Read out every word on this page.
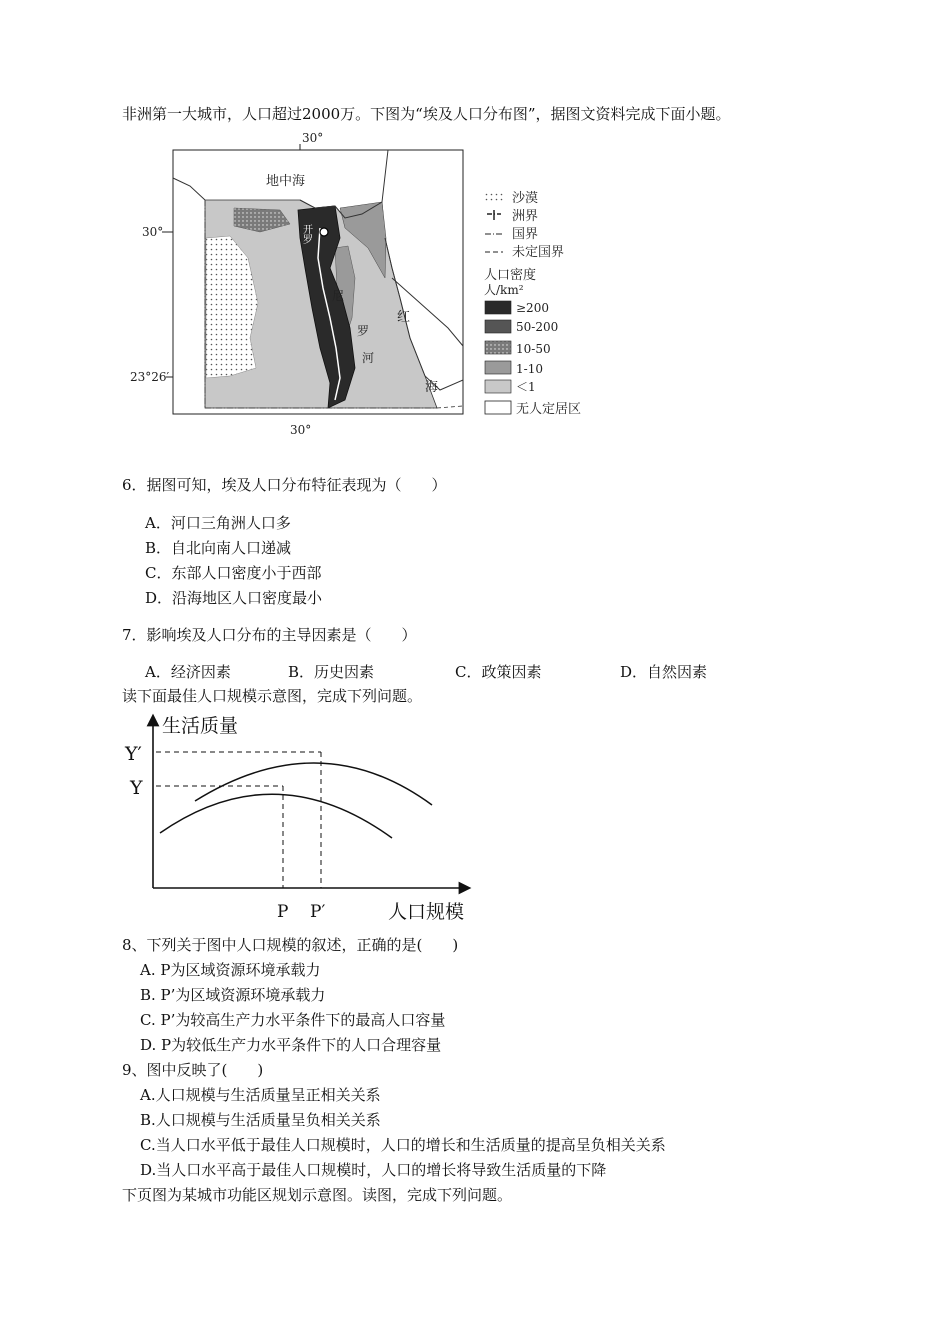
非洲第一大城市，人口超过2000万。下图为“埃及人口分布图”，据图文资料完成下面小题。
30°
30°
30°
23°26′
地中海
开罗
尼
罗
河
红
海
沙漠
洲界
国界
未定国界
人口密度
人/km²
≥200
50-200
10-50
1-10
＜1
无人定居区
6．据图可知，埃及人口分布特征表现为（　　）
A．河口三角洲人口多
B．自北向南人口递减
C．东部人口密度小于西部
D．沿海地区人口密度最小
7．影响埃及人口分布的主导因素是（　　）
A．经济因素	B．历史因素	C．政策因素	D．自然因素
读下面最佳人口规模示意图，完成下列问题。
生活质量
人口规模
Y′
Y
P P′
8、下列关于图中人口规模的叙述，正确的是(　　)
A. P为区域资源环境承载力
B. P’为区域资源环境承载力
C. P’为较高生产力水平条件下的最高人口容量
D. P为较低生产力水平条件下的人口合理容量
9、图中反映了(　　)
A.人口规模与生活质量呈正相关关系
B.人口规模与生活质量呈负相关关系
C.当人口水平低于最佳人口规模时，人口的增长和生活质量的提高呈负相关关系
D.当人口水平高于最佳人口规模时，人口的增长将导致生活质量的下降
下页图为某城市功能区规划示意图。读图，完成下列问题。
